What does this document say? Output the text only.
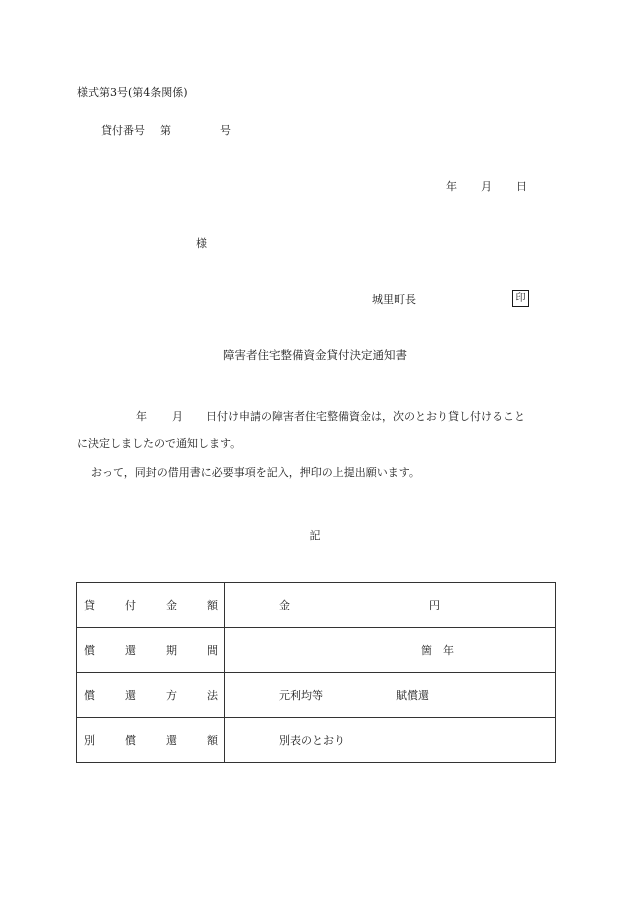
様式第3号(第4条関係)
貸付番号 第	号
年 月 日
様
城里町長	印
障害者住宅整備資金貸付決定通知書
年 月 日付け申請の障害者住宅整備資金は，次のとおり貸し付けること
に決定しましたので通知します。
おって，同封の借用書に必要事項を記入，押印の上提出願います。
記
貸 付 金 額	金 円

償 還 期 間	箇　年

償 還 方 法	元利均等 賦償還

別 償 還 額	別表のとおり
